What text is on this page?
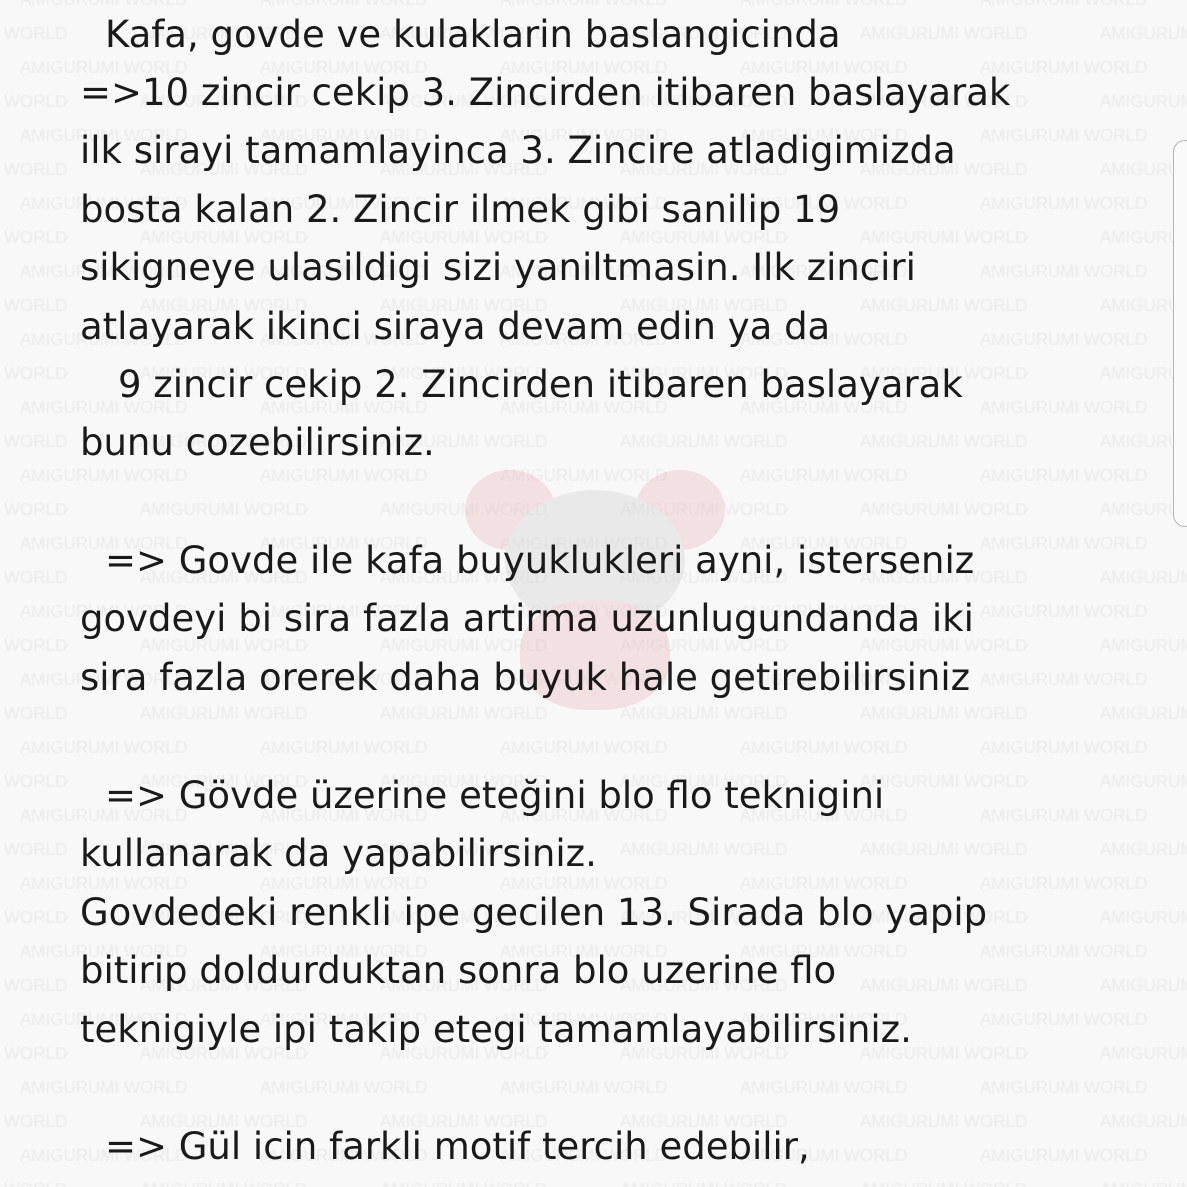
Kafa, govde ve kulaklarin baslangicinda
=>10 zincir cekip 3. Zincirden itibaren baslayarak
ilk sirayi tamamlayinca 3. Zincire atladigimizda
bosta kalan 2. Zincir ilmek gibi sanilip 19
sikigneye ulasildigi sizi yaniltmasin. Ilk zinciri
atlayarak ikinci siraya devam edin ya da
9 zincir cekip 2. Zincirden itibaren baslayarak
bunu cozebilirsiniz.
=> Govde ile kafa buyuklukleri ayni, isterseniz
govdeyi bi sira fazla artirma uzunlugundanda iki
sira fazla orerek daha buyuk hale getirebilirsiniz
=> Gövde üzerine eteğini blo flo teknigini
kullanarak da yapabilirsiniz.
Govdedeki renkli ipe gecilen 13. Sirada blo yapip
bitirip doldurduktan sonra blo uzerine flo
teknigiyle ipi takip etegi tamamlayabilirsiniz.
=> Gül icin farkli motif tercih edebilir,
